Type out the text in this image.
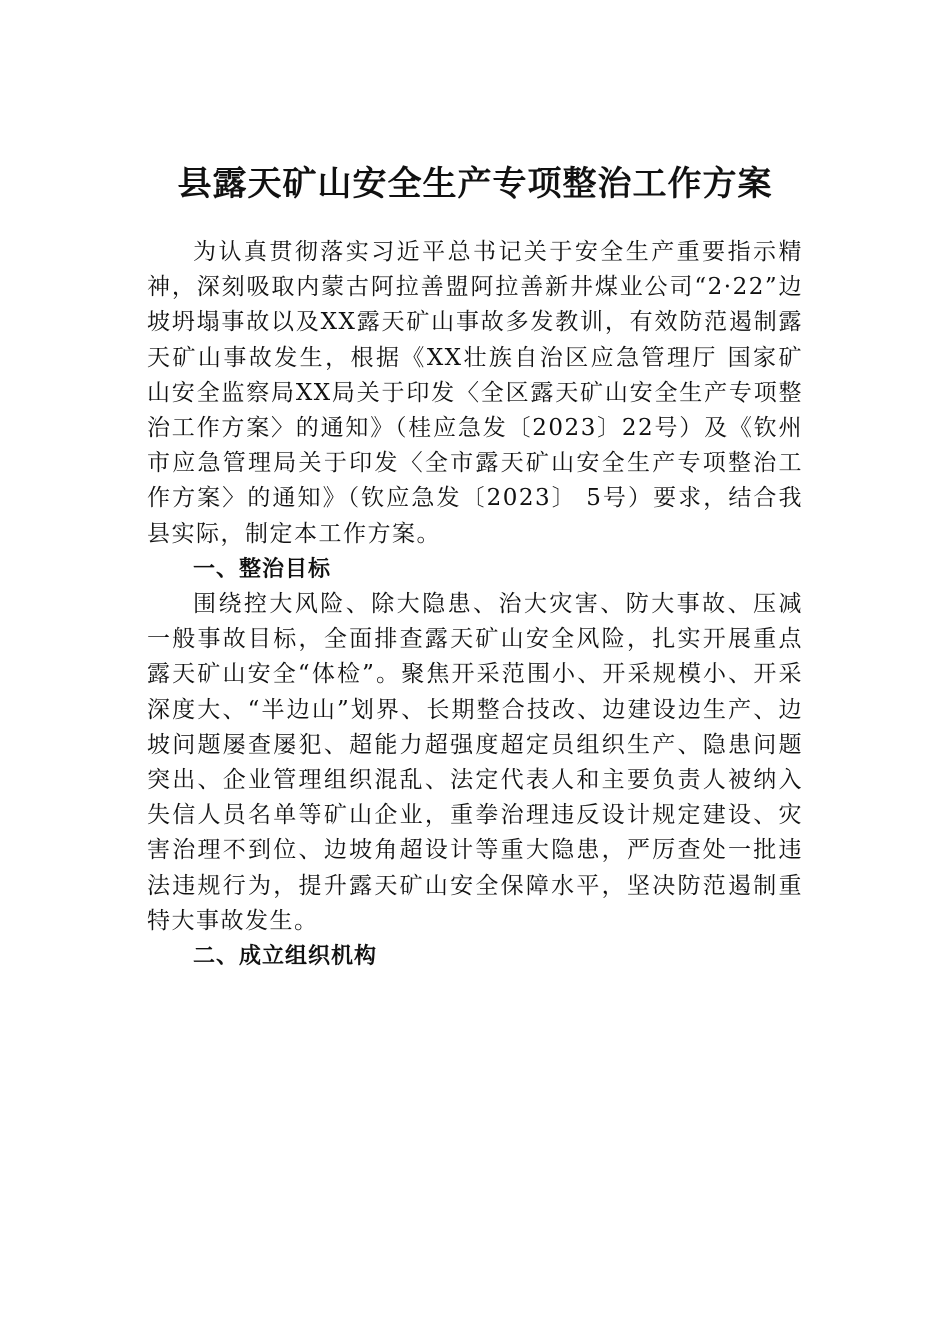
县露天矿山安全生产专项整治工作方案

为认真贯彻落实习近平总书记关于安全生产重要指示精神，深刻吸取内蒙古阿拉善盟阿拉善新井煤业公司“2·22”边坡坍塌事故以及XX露天矿山事故多发教训，有效防范遏制露天矿山事故发生，根据《XX壮族自治区应急管理厅 国家矿山安全监察局XX局关于印发〈全区露天矿山安全生产专项整治工作方案〉的通知》（桂应急发〔2023〕22号）及《钦州市应急管理局关于印发〈全市露天矿山安全生产专项整治工作方案〉的通知》（钦应急发〔2023〕 5号）要求，结合我县实际，制定本工作方案。

一、整治目标

围绕控大风险、除大隐患、治大灾害、防大事故、压减一般事故目标，全面排查露天矿山安全风险，扎实开展重点露天矿山安全“体检”。聚焦开采范围小、开采规模小、开采深度大、“半边山”划界、长期整合技改、边建设边生产、边坡问题屡查屡犯、超能力超强度超定员组织生产、隐患问题突出、企业管理组织混乱、法定代表人和主要负责人被纳入失信人员名单等矿山企业，重拳治理违反设计规定建设、灾害治理不到位、边坡角超设计等重大隐患，严厉查处一批违法违规行为，提升露天矿山安全保障水平，坚决防范遏制重特大事故发生。

二、成立组织机构
